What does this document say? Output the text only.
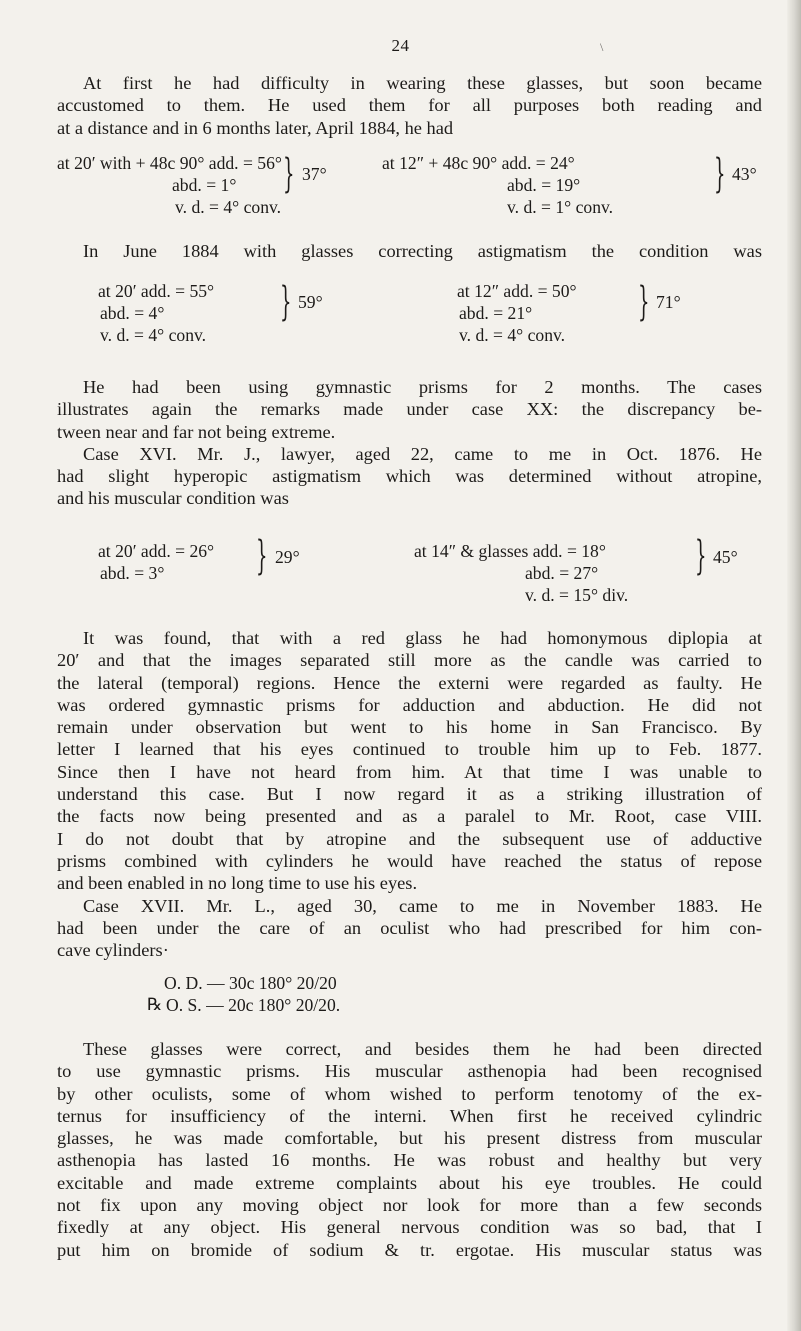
24	\

At first he had difficulty in wearing these glasses, but soon became
accustomed to them. He used them for all purposes both reading and
at a distance and in 6 months later, April 1884, he had

at 20′ with + 48c 90° add. = 56°
abd. = 1°
v. d. = 4° conv.
} 37°
at 12″ + 48c 90° add. = 24°
abd. = 19°
v. d. = 1° conv.
} 43°

In June 1884 with glasses correcting astigmatism the condition was

at 20′ add. = 55°
abd. = 4°
v. d. = 4° conv.
} 59°
at 12″ add. = 50°
abd. = 21°
v. d. = 4° conv.
} 71°

He had been using gymnastic prisms for 2 months. The cases
illustrates again the remarks made under case XX: the discrepancy be-
tween near and far not being extreme.
Case XVI. Mr. J., lawyer, aged 22, came to me in Oct. 1876. He
had slight hyperopic astigmatism which was determined without atropine,
and his muscular condition was

at 20′ add. = 26°
abd. = 3° } 29°	at 14″ & glasses add. = 18°
abd. = 27°
v. d. = 15° div.
} 45°

It was found, that with a red glass he had homonymous diplopia at
20′ and that the images separated still more as the candle was carried to
the lateral (temporal) regions. Hence the externi were regarded as faulty. He
was ordered gymnastic prisms for adduction and abduction. He did not
remain under observation but went to his home in San Francisco. By
letter I learned that his eyes continued to trouble him up to Feb. 1877.
Since then I have not heard from him. At that time I was unable to
understand this case. But I now regard it as a striking illustration of
the facts now being presented and as a paralel to Mr. Root, case VIII.
I do not doubt that by atropine and the subsequent use of adductive
prisms combined with cylinders he would have reached the status of repose
and been enabled in no long time to use his eyes.
Case XVII. Mr. L., aged 30, came to me in November 1883. He
had been under the care of an oculist who had prescribed for him con-
cave cylinders·

℞
O. D. — 30c 180° 20/20
O. S. — 20c 180° 20/20.

These glasses were correct, and besides them he had been directed
to use gymnastic prisms. His muscular asthenopia had been recognised
by other oculists, some of whom wished to perform tenotomy of the ex-
ternus for insufficiency of the interni. When first he received cylindric
glasses, he was made comfortable, but his present distress from muscular
asthenopia has lasted 16 months. He was robust and healthy but very
excitable and made extreme complaints about his eye troubles. He could
not fix upon any moving object nor look for more than a few seconds
fixedly at any object. His general nervous condition was so bad, that I
put him on bromide of sodium & tr. ergotae. His muscular status was
